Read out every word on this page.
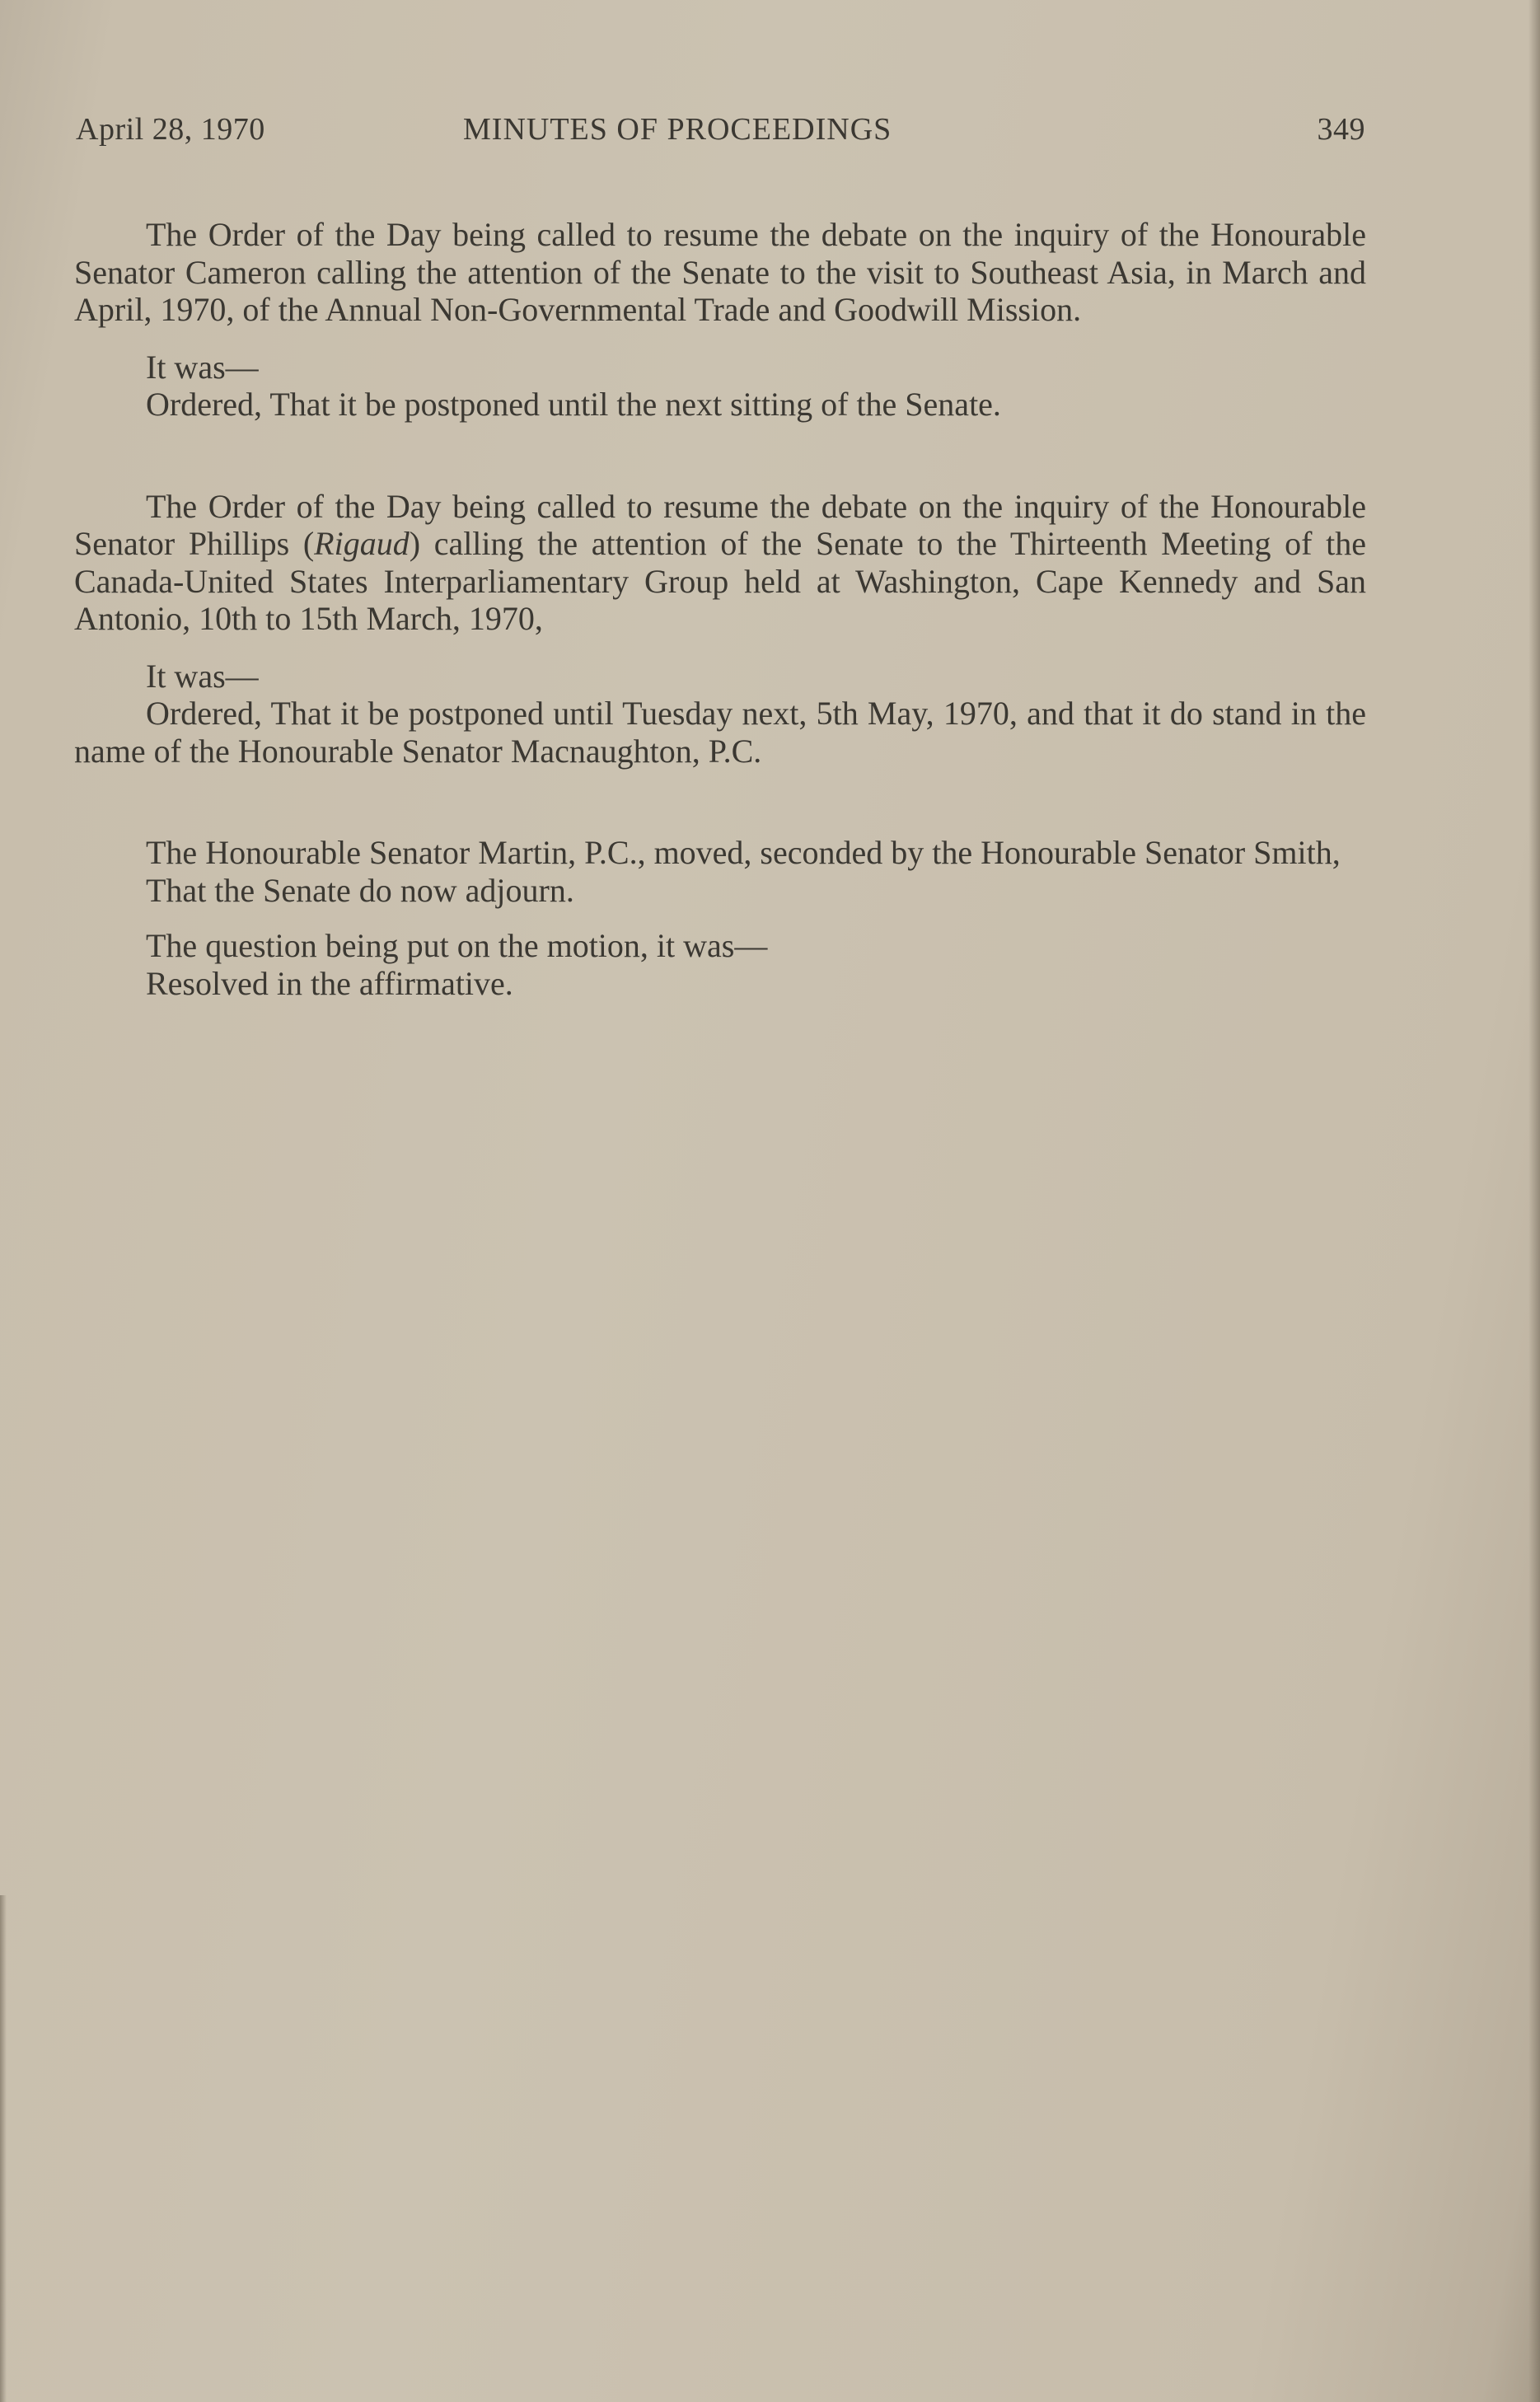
April 28, 1970	MINUTES OF PROCEEDINGS	349

The Order of the Day being called to resume the debate on the inquiry of the Honourable Senator Cameron calling the attention of the Senate to the visit to Southeast Asia, in March and April, 1970, of the Annual Non-Governmental Trade and Goodwill Mission.

It was—

Ordered, That it be postponed until the next sitting of the Senate.

The Order of the Day being called to resume the debate on the inquiry of the Honourable Senator Phillips (Rigaud) calling the attention of the Senate to the Thirteenth Meeting of the Canada-United States Interparliamentary Group held at Washington, Cape Kennedy and San Antonio, 10th to 15th March, 1970,

It was—

Ordered, That it be postponed until Tuesday next, 5th May, 1970, and that it do stand in the name of the Honourable Senator Macnaughton, P.C.

The Honourable Senator Martin, P.C., moved, seconded by the Honourable Senator Smith,

That the Senate do now adjourn.

The question being put on the motion, it was—

Resolved in the affirmative.
